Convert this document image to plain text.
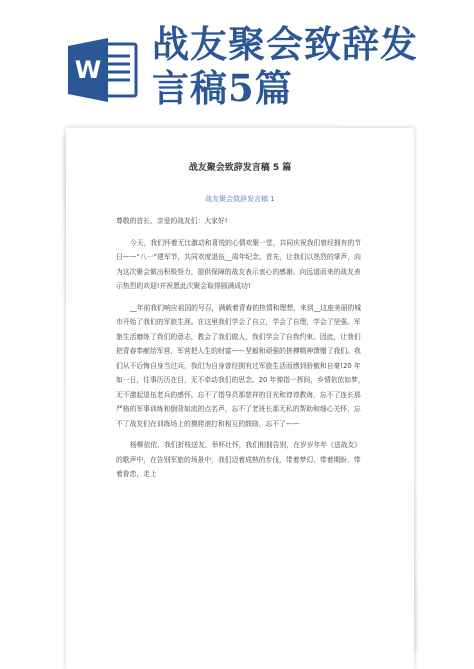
W
战友聚会致辞发言稿5篇
战友聚会致辞发言稿 5 篇
战友聚会致辞发言稿 1

尊敬的首长、亲爱的战友们：大家好!

今天，我们怀着无比激动和喜悦的心情欢聚一堂，共同庆祝我们曾经拥有的节日——“八一”建军节，共同欢度退伍__周年纪念。首先，让我们以热烈的掌声，向为这次聚会做出积极努力，提供保障的战友表示衷心的感谢。向远道而来的战友表示热烈的欢迎!并祝愿此次聚会取得圆满成功!

__年前我们响应祖国的号召，满载着青春的热情和理想，来到__这座美丽的城市开始了我们的军旅生涯。在这里我们学会了自立，学会了自理，学会了坚强。军旅生活磨练了我们的意志，教会了我们做人，我们学会了自我约束。因此，让我们把青春奉献给军营，军营把人生的财富——坚毅和顽强的拼搏精神馈赠了我们。我们从不后悔自身当过兵，我们为自身曾经拥有过军旅生活而感到骄傲和自豪!20 年如一日，往事历历在目，无不牵动我们的思念。20 年弹指一挥间，乡情依依如梦，无不激起退伍老兵的感怀。忘不了指导员那慈祥的目光和谆谆教诲，忘不了连长那严格的军事训练和倒背如流的点名声，忘不了老班长那无私的帮助和细心关怀，忘不了战友们在训练场上的摸爬滚打和相互的鼓励，忘不了——

杨柳依依，我们折枝送友，举杯壮怀，我们相拥告别，在岁岁年年《送战友》的歌声中，在告别军旅的场景中，我们迈着成熟的步伐，带着梦幻、带着期盼、带着眷恋，走上
